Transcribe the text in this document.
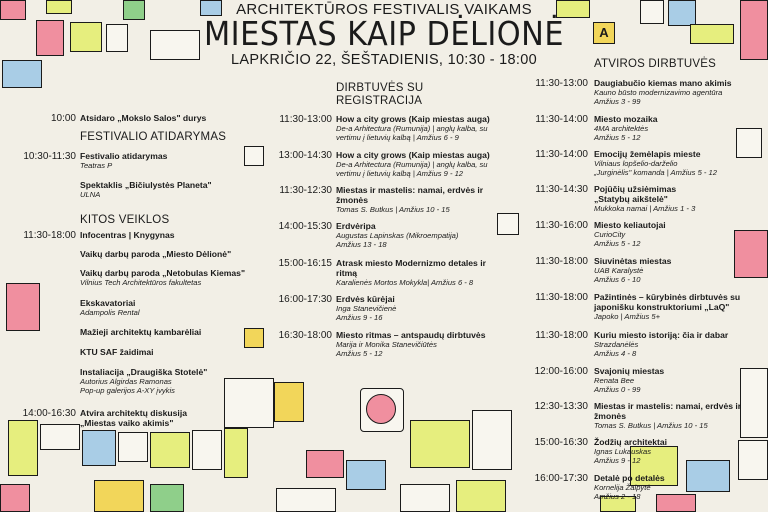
A
ARCHITEKTŪROS FESTIVALIS VAIKAMS
MIESTAS KAIP DĖLIONĖ
LAPKRIČIO 22, ŠEŠTADIENIS, 10:30 - 18:00
10:00 Atsidaro „Mokslo Salos" durys
FESTIVALIO ATIDARYMAS
10:30-11:30 Festivalio atidarymas
Teatras P
Spektaklis „Bičiulystės Planeta"
ULNA
KITOS VEIKLOS
11:30-18:00 Infocentras | Knygynas
Vaikų darbų paroda „Miesto Dėlionė"
Vaikų darbų paroda „Netobulas Kiemas"
Vilnius Tech Architektūros fakultetas
Ekskavatoriai
Adampolis Rental
Mažieji architektų kambarėliai
KTU SAF žaidimai
Instaliacija „Draugiška Stotelė"
Autorius Algirdas Ramonas
Pop-up galerijos A-XY įvykis
14:00-16:30 Atvira architektų diskusija
„Miestas vaiko akimis"
DIRBTUVĖS SU
REGISTRACIJA
11:30-13:00 How a city grows (Kaip miestas auga)
De-a Arhitectura (Rumunija) | anglų kalba, su
vertimu į lietuvių kalbą | Amžius 6 - 9
13:00-14:30 How a city grows (Kaip miestas auga)
De-a Arhitectura (Rumunija) | anglų kalba, su
vertimu į lietuvių kalbą | Amžius 9 - 12
11:30-12:30 Miestas ir mastelis: namai, erdvės ir
žmonės
Tomas S. Butkus | Amžius 10 - 15
14:00-15:30 Erdvėripa
Augustas Lapinskas (Mikroempatija)
Amžius 13 - 18
15:00-16:15 Atrask miesto Modernizmo detales ir
ritmą
Karalienės Mortos Mokykla| Amžius 6 - 8
16:00-17:30 Erdvės kūrėjai
Inga Stanevičienė
Amžius 9 - 16
16:30-18:00 Miesto ritmas – antspaudų dirbtuvės
Marija ir Monika Stanevičiūtės
Amžius 5 - 12
ATVIROS DIRBTUVĖS
11:30-13:00 Daugiabučio kiemas mano akimis
Kauno būsto modernizavimo agentūra
Amžius 3 - 99
11:30-14:00 Miesto mozaika
4MA architektės
Amžius 5 - 12
11:30-14:00 Emocijų žemėlapis mieste
Vilniaus lopšelio-darželio
„Jurginėlis" komanda | Amžius 5 - 12
11:30-14:30 Pojūčių užsiėmimas
„Statybų aikštelė"
Mukkoka namai | Amžius 1 - 3
11:30-16:00 Miesto keliautojai
CurioCity
Amžius 5 - 12
11:30-18:00 Siuvinėtas miestas
UAB Karalystė
Amžius 6 - 10
11:30-18:00 Pažintinės – kūrybinės dirbtuvės su
japonišku konstruktoriumi „LaQ"
Japoko | Amžius 5+
11:30-18:00 Kuriu miesto istoriją: čia ir dabar
Strazdanėlės
Amžius 4 - 8
12:00-16:00 Svajonių miestas
Renata Bee
Amžius 0 - 99
12:30-13:30 Miestas ir mastelis: namai, erdvės ir
žmonės
Tomas S. Butkus | Amžius 10 - 15
15:00-16:30 Žodžių architektai
Ignas Lukauskas
Amžius 9 - 12
16:00-17:30 Detalė po detalės
Kornelija Žalpytė
Amžius 2 - 18
